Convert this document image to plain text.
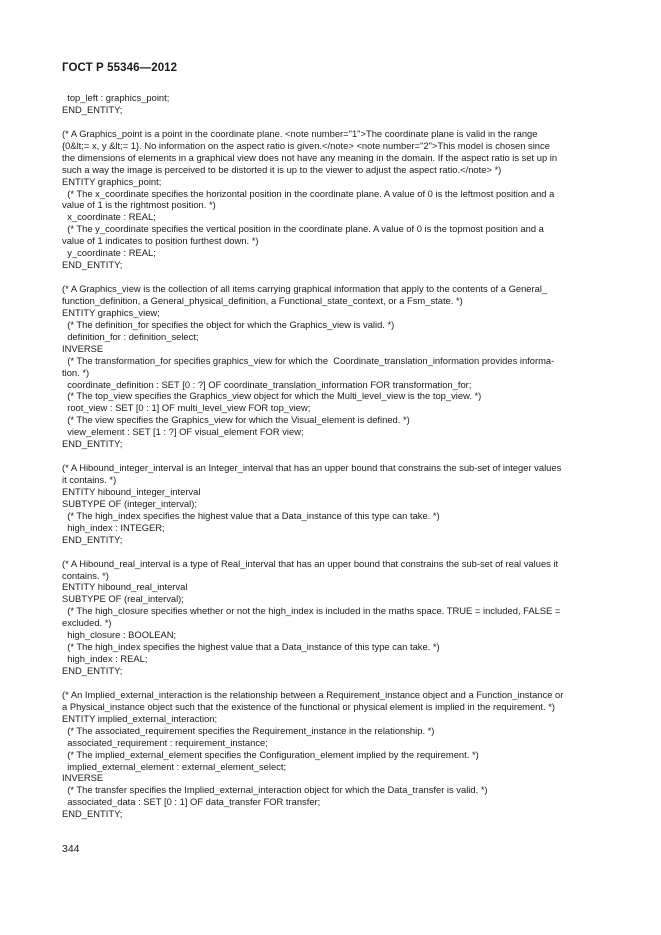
ГОСТ Р 55346—2012
top_left : graphics_point;
END_ENTITY;
(* A Graphics_point is a point in the coordinate plane. <note number="1">The coordinate plane is valid in the range
{0&lt;= x, y &lt;= 1}. No information on the aspect ratio is given.</note> <note number="2">This model is chosen since
the dimensions of elements in a graphical view does not have any meaning in the domain. If the aspect ratio is set up in
such a way the image is perceived to be distorted it is up to the viewer to adjust the aspect ratio.</note> *)
ENTITY graphics_point;
(* The x_coordinate specifies the horizontal position in the coordinate plane. A value of 0 is the leftmost position and a
value of 1 is the rightmost position. *)
x_coordinate : REAL;
(* The y_coordinate specifies the vertical position in the coordinate plane. A value of 0 is the topmost position and a
value of 1 indicates to position furthest down. *)
y_coordinate : REAL;
END_ENTITY;
(* A Graphics_view is the collection of all items carrying graphical information that apply to the contents of a General_
function_definition, a General_physical_definition, a Functional_state_context, or a Fsm_state. *)
ENTITY graphics_view;
(* The definition_for specifies the object for which the Graphics_view is valid. *)
definition_for : definition_select;
INVERSE
(* The transformation_for specifies graphics_view for which the  Coordinate_translation_information provides informa-
tion. *)
coordinate_definition : SET [0 : ?] OF coordinate_translation_information FOR transformation_for;
(* The top_view specifies the Graphics_view object for which the Multi_level_view is the top_view. *)
root_view : SET [0 : 1] OF multi_level_view FOR top_view;
(* The view specifies the Graphics_view for which the Visual_element is defined. *)
view_element : SET [1 : ?] OF visual_element FOR view;
END_ENTITY;
(* A Hibound_integer_interval is an Integer_interval that has an upper bound that constrains the sub-set of integer values
it contains. *)
ENTITY hibound_integer_interval
SUBTYPE OF (integer_interval);
(* The high_index specifies the highest value that a Data_instance of this type can take. *)
high_index : INTEGER;
END_ENTITY;
(* A Hibound_real_interval is a type of Real_interval that has an upper bound that constrains the sub-set of real values it
contains. *)
ENTITY hibound_real_interval
SUBTYPE OF (real_interval);
(* The high_closure specifies whether or not the high_index is included in the maths space. TRUE = included, FALSE =
excluded. *)
high_closure : BOOLEAN;
(* The high_index specifies the highest value that a Data_instance of this type can take. *)
high_index : REAL;
END_ENTITY;
(* An Implied_external_interaction is the relationship between a Requirement_instance object and a Function_instance or
a Physical_instance object such that the existence of the functional or physical element is implied in the requirement. *)
ENTITY implied_external_interaction;
(* The associated_requirement specifies the Requirement_instance in the relationship. *)
associated_requirement : requirement_instance;
(* The implied_external_element specifies the Configuration_element implied by the requirement. *)
implied_external_element : external_element_select;
INVERSE
(* The transfer specifies the Implied_external_interaction object for which the Data_transfer is valid. *)
associated_data : SET [0 : 1] OF data_transfer FOR transfer;
END_ENTITY;
344
